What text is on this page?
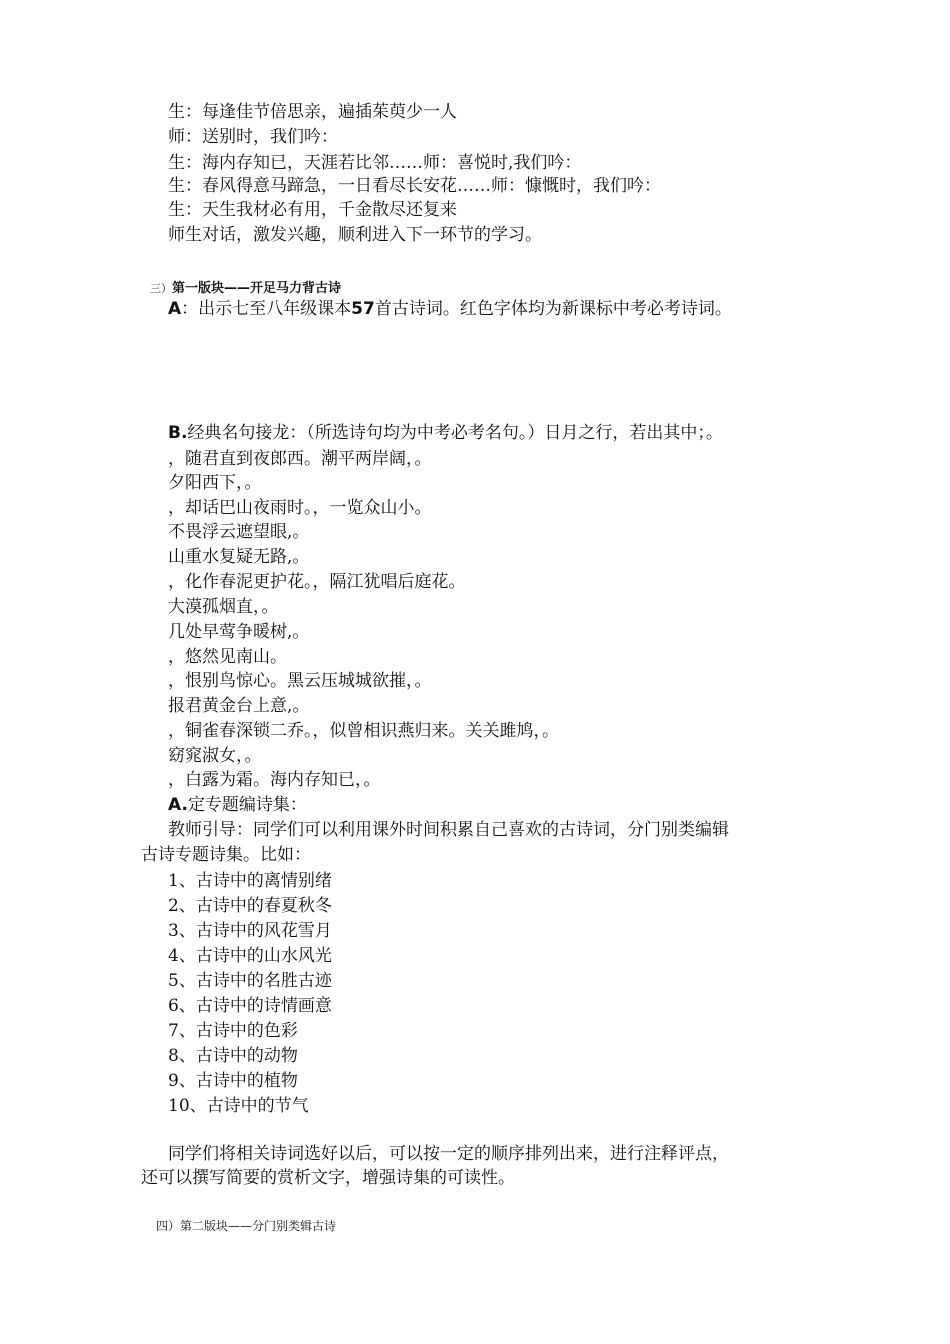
生：每逢佳节倍思亲，遍插茱萸少一人
师：送别时，我们吟：
生：海内存知已，天涯若比邻……师：喜悦时,我们吟：
生：春风得意马蹄急，一日看尽长安花……师：慷慨时，我们吟：
生：天生我材必有用，千金散尽还复来
师生对话，激发兴趣，顺利进入下一环节的学习。
三）第一版块——开足马力背古诗
A：出示七至八年级课本57首古诗词。红色字体均为新课标中考必考诗词。
B.经典名句接龙：（所选诗句均为中考必考名句。）日月之行，若出其中；。
，随君直到夜郎西。潮平两岸阔，。
夕阳西下，。
，却话巴山夜雨时。，一览众山小。
不畏浮云遮望眼,。
山重水复疑无路,。
，化作春泥更护花。，隔江犹唱后庭花。
大漠孤烟直，。
几处早莺争暖树,。
，悠然见南山。
，恨别鸟惊心。黑云压城城欲摧，。
报君黄金台上意,。
，铜雀春深锁二乔。，似曾相识燕归来。关关雎鸠，。
窈窕淑女，。
，白露为霜。海内存知已，。
A.定专题编诗集：
教师引导：同学们可以利用课外时间积累自己喜欢的古诗词，分门别类编辑
古诗专题诗集。比如：
1、古诗中的离情别绪
2、古诗中的春夏秋冬
3、古诗中的风花雪月
4、古诗中的山水风光
5、古诗中的名胜古迹
6、古诗中的诗情画意
7、古诗中的色彩
8、古诗中的动物
9、古诗中的植物
10、古诗中的节气
同学们将相关诗词选好以后，可以按一定的顺序排列出来，进行注释评点，
还可以撰写简要的赏析文字，增强诗集的可读性。
四）第二版块——分门别类辑古诗
